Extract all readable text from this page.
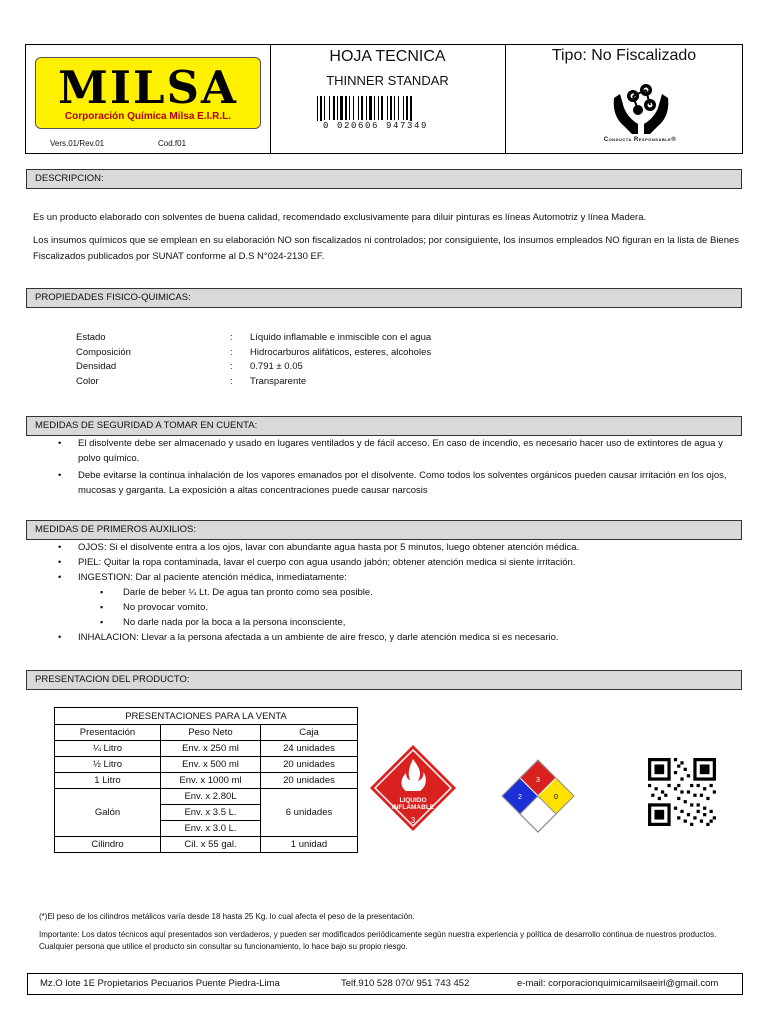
MILSA
Corporación Química Milsa E.I.R.L.
Vers.01/Rev.01	Cod.f01
HOJA TECNICA
THINNER STANDAR
0 020606 947349
Tipo: No Fiscalizado
Conducta Responsable®
DESCRIPCION:
Es un producto elaborado con solventes de buena calidad, recomendado exclusivamente para diluir pinturas es líneas Automotriz y línea Madera.
Los insumos químicos que se emplean en su elaboración NO son fiscalizados ni controlados; por consiguiente, los insumos empleados NO figuran en la lista de Bienes Fiscalizados publicados por SUNAT conforme al D.S N°024-2130 EF.
PROPIEDADES FISICO-QUIMICAS:
Estado	: Líquido inflamable e inmiscible con el agua
Composición	: Hidrocarburos alifáticos, esteres, alcoholes
Densidad	: 0.791 ± 0.05
Color	: Transparente
MEDIDAS DE SEGURIDAD A TOMAR EN CUENTA:
• El disolvente debe ser almacenado y usado en lugares ventilados y de fácil acceso. En caso de incendio, es necesario hacer uso de extintores de agua y polvo químico.
• Debe evitarse la continua inhalación de los vapores emanados por el disolvente. Como todos los solventes orgánicos pueden causar irritación en los ojos, mucosas y garganta. La exposición a altas concentraciones puede causar narcosis
MEDIDAS DE PRIMEROS AUXILIOS:
• OJOS: Si el disolvente entra a los ojos, lavar con abundante agua hasta por 5 minutos, luego obtener atención médica.
• PIEL: Quitar la ropa contaminada, lavar el cuerpo con agua usando jabón; obtener atención medica si siente irritación.
• INGESTION: Dar al paciente atención médica, inmediatamente:
▪ Darle de beber ¼ Lt. De agua tan pronto como sea posible.
▪ No provocar vomito.
▪ No darle nada por la boca a la persona inconsciente,
• INHALACION: Llevar a la persona afectada a un ambiente de aire fresco, y darle atención medica si es necesario.
PRESENTACION DEL PRODUCTO:
PRESENTACIONES PARA LA VENTA		
Presentación	Peso Neto	Caja
¼ Litro	Env. x 250 ml	24 unidades
½ Litro	Env. x 500 ml	20 unidades
1 Litro	Env. x 1000 ml	20 unidades
Galón	Env. x 2.80L	6 unidades
	Env. x 3.5 L.	
	Env. x 3.0 L.	
Cilindro	Cil. x 55 gal.	1 unidad
LIQUIDO
INFLAMABLE
3
3
2	0
(*)El peso de los cilindros metálicos varía desde 18 hasta 25 Kg. lo cual afecta el peso de la presentación.
Importante: Los datos técnicos aquí presentados son verdaderos, y pueden ser modificados periódicamente según nuestra experiencia y política de desarrollo continua de nuestros productos. Cualquier persona que utilice el producto sin consultar su funcionamiento, lo hace bajo su propio riesgo.
Mz.O lote 1E Propietarios Pecuarios Puente Piedra-Lima	Telf.910 528 070/ 951 743 452	e-mail: corporacionquimicamilsaeirl@gmail.com
